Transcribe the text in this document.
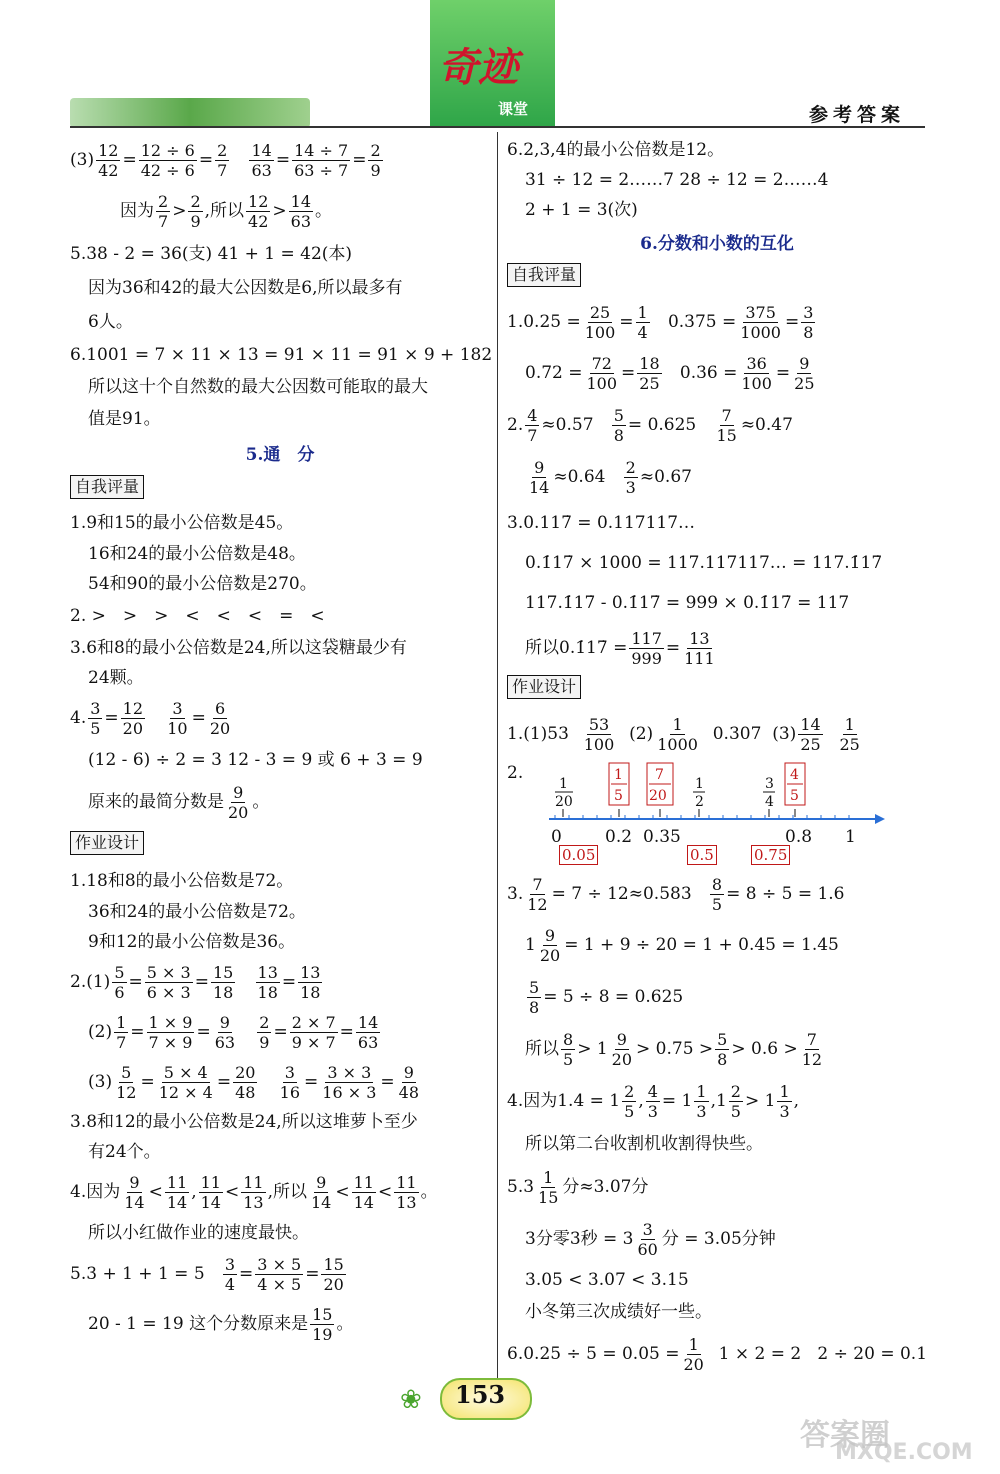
奇迹
课堂	参考答案
$(3) \frac{12}{42} = \frac{12 \div 6}{42 \div 6} = \frac{2}{7}$
$\frac{14}{63} = \frac{14 \div 7}{63 \div 7} = \frac{2}{9}$
因为 $\frac{2}{7} > \frac{2}{9}$ ,所以 $\frac{12}{42} > \frac{14}{63}$ 。
5.38 - 2 = 36(支) 41 + 1 = 42(本)
因为36和42的最大公因数是6,所以最多有
6人。
6.1001 = 7 × 11 × 13 = 91 × 11 = 91 × 9 + 182
所以这十个自然数的最大公因数可能取的最大
值是91。
5.通　分
自我评量
1.9和15的最小公倍数是45。
16和24的最小公倍数是48。
54和90的最小公倍数是270。
2. >　>　>　<　<　<　=　<
3.6和8的最小公倍数是24,所以这袋糖最少有
24颗。
4. $\frac{3}{5} = \frac{12}{20}$
$\frac{3}{10} = \frac{6}{20}$
(12 - 6) ÷ 2 = 3 12 - 3 = 9 或 6 + 3 = 9
原来的最简分数是 $\frac{9}{20}$ 。
作业设计
1.18和8的最小公倍数是72。
36和24的最小公倍数是72。
9和12的最小公倍数是36。
$2.(1) \frac{5}{6} = \frac{5 \times 3}{6 \times 3} = \frac{15}{18}$
$\frac{13}{18} = \frac{13}{18}$
$(2) \frac{1}{7} = \frac{1 \times 9}{7 \times 9} = \frac{9}{63}$
$\frac{2}{9} = \frac{2 \times 7}{9 \times 7} = \frac{14}{63}$
$(3) \frac{5}{12} = \frac{5 \times 4}{12 \times 4} = \frac{20}{48}$
$\frac{3}{16} = \frac{3 \times 3}{16 \times 3} = \frac{9}{48}$
3.8和12的最小公倍数是24,所以这堆萝卜至少
有24个。
4.因为 $\frac{9}{14} < \frac{11}{14}$ , $\frac{11}{14} < \frac{11}{13}$ ,所以 $\frac{9}{14} < \frac{11}{14} < \frac{11}{13}$ 。
所以小红做作业的速度最快。
5.3 + 1 + 1 = 5
$\frac{3}{4} = \frac{3 \times 5}{4 \times 5} = \frac{15}{20}$
20 - 1 = 19 这个分数原来是 $\frac{15}{19}$ 。
6.2,3,4的最小公倍数是12。
31 ÷ 12 = 2……7 28 ÷ 12 = 2……4
2 + 1 = 3(次)
6.分数和小数的互化
自我评量
$1.0.25 = \frac{25}{100} = \frac{1}{4}$
$0.375 = \frac{375}{1000} = \frac{3}{8}$
$0.72 = \frac{72}{100} = \frac{18}{25}$
$0.36 = \frac{36}{100} = \frac{9}{25}$
2. $\frac{4}{7} \approx 0.57 \frac{5}{8} = 0.625 \frac{7}{15} \approx 0.47$
$\frac{9}{14} \approx 0.64 \frac{2}{3} \approx 0.67$
3.0.117̇ = 0.117117…
0.1̇17̇ × 1000 = 117.117117… = 117.1̇17̇
117.1̇17̇ - 0.1̇17̇ = 999 × 0.1̇17̇ = 117
所以0.1̇17̇ = $\frac{117}{999} = \frac{13}{111}$
作业设计
1.(1)53
$\frac{53}{100}$
$(2) \frac{1}{1000}$
0.307
$(3) \frac{14}{25}$
$\frac{1}{25}$
2.
1
20
1
2
3
4
1
5
7
20
4
5
0	0.2 0.35	0.8 1
0.05	0.5	0.75
3. $\frac{7}{12} = 7 \div 12 \approx 0.583$
$\frac{8}{5} = 8 \div 5 = 1.6$
$1 \frac{9}{20} = 1 + 9 \div 20 = 1 + 0.45 = 1.45$
$\frac{5}{8} = 5 \div 8 = 0.625$
所以 $\frac{8}{5} > 1 \frac{9}{20} > 0.75 > \frac{5}{8} > 0.6 > \frac{7}{12}$
4.因为$1.4 = 1 \frac{2}{5}$ , $\frac{4}{3} = 1 \frac{1}{3} ,1 \frac{2}{5} > 1 \frac{1}{3}$ ,
所以第二台收割机收割得快些。
$5.3 \frac{1}{15}$ 分≈3.07分
3分零3秒 = $3 \frac{3}{60}$ 分 = 3.05分钟
3.05 < 3.07 < 3.15
小冬第三次成绩好一些。
$6.0.25 \div 5 = 0.05 = \frac{1}{20} 1 \times 2 = 2$   2 ÷ 20 = 0.1
❀ 153
答案圈
MXQE.COM
